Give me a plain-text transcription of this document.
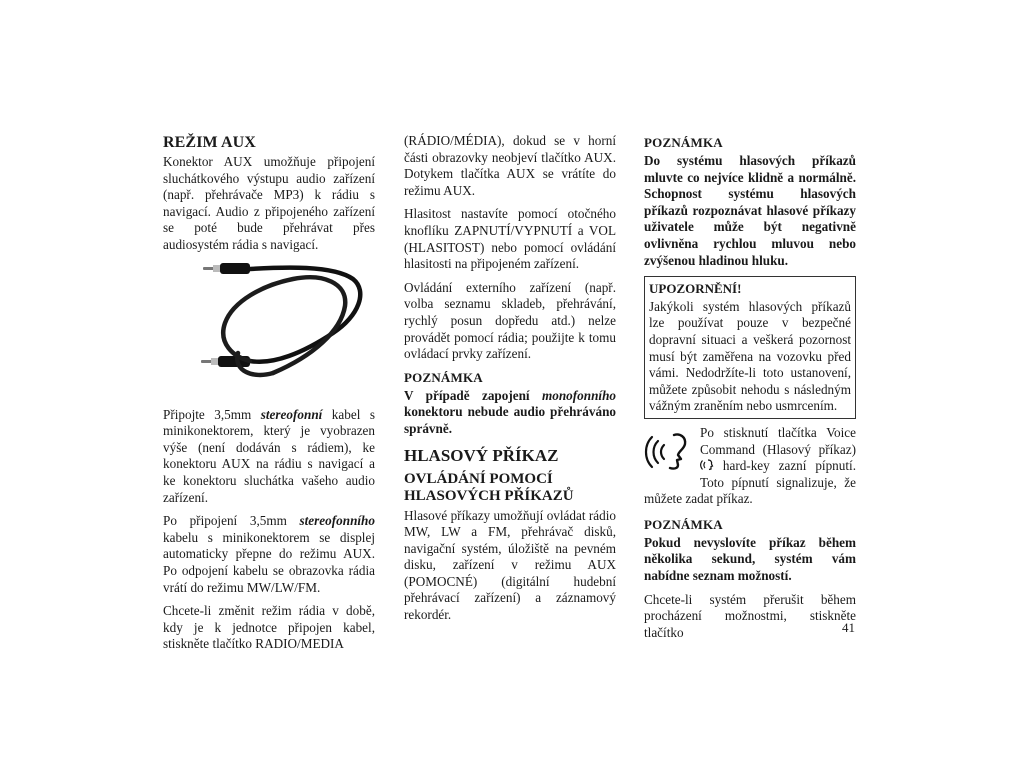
REŽIM AUX

Konektor AUX umožňuje připojení sluchátkového výstupu audio zařízení (např. přehrávače MP3) k rádiu s navigací. Audio z připojeného zařízení se poté bude přehrávat přes audiosystém rádia s navigací.

Připojte 3,5mm stereofonní kabel s minikonektorem, který je vyobrazen výše (není dodáván s rádiem), ke konektoru AUX na rádiu s navigací a ke konektoru sluchátka vašeho audio zařízení.

Po připojení 3,5mm stereofonního kabelu s minikonektorem se displej automaticky přepne do režimu AUX. Po odpojení kabelu se obrazovka rádia vrátí do režimu MW/LW/FM.

Chcete-li změnit režim rádia v době, kdy je k jednotce připojen kabel, stiskněte tlačítko RADIO/MEDIA

(RÁDIO/MÉDIA), dokud se v horní části obrazovky neobjeví tlačítko AUX. Dotykem tlačítka AUX se vrátíte do režimu AUX.

Hlasitost nastavíte pomocí otočného knoflíku ZAPNUTÍ/VYPNUTÍ a VOL (HLASITOST) nebo pomocí ovládání hlasitosti na připojeném zařízení.

Ovládání externího zařízení (např. volba seznamu skladeb, přehrávání, rychlý posun dopředu atd.) nelze provádět pomocí rádia; použijte k tomu ovládací prvky zařízení.

POZNÁMKA

V případě zapojení monofonního konektoru nebude audio přehráváno správně.

HLASOVÝ PŘÍKAZ
OVLÁDÁNÍ POMOCÍ HLASOVÝCH PŘÍKAZŮ

Hlasové příkazy umožňují ovládat rádio MW, LW a FM, přehrávač disků, navigační systém, úložiště na pevném disku, zařízení v režimu AUX (POMOCNÉ) (digitální hudební přehrávací zařízení) a záznamový rekordér.

POZNÁMKA

Do systému hlasových příkazů mluvte co nejvíce klidně a normálně. Schopnost systému hlasových příkazů rozpoznávat hlasové příkazy uživatele může být negativně ovlivněna rychlou mluvou nebo zvýšenou hladinou hluku.

UPOZORNĚNÍ!

Jakýkoli systém hlasových příkazů lze používat pouze v bezpečné dopravní situaci a veškerá pozornost musí být zaměřena na vozovku před vámi. Nedodržíte-li toto ustanovení, můžete způsobit nehodu s následným vážným zraněním nebo usmrcením.

Po stisknutí tlačítka Voice Command (Hlasový příkaz)  hard-key zazní pípnutí. Toto pípnutí signalizuje, že můžete zadat příkaz.

POZNÁMKA

Pokud nevyslovíte příkaz během několika sekund, systém vám nabídne seznam možností.

Chcete-li systém přerušit během procházení možnostmi, stiskněte tlačítko	41
